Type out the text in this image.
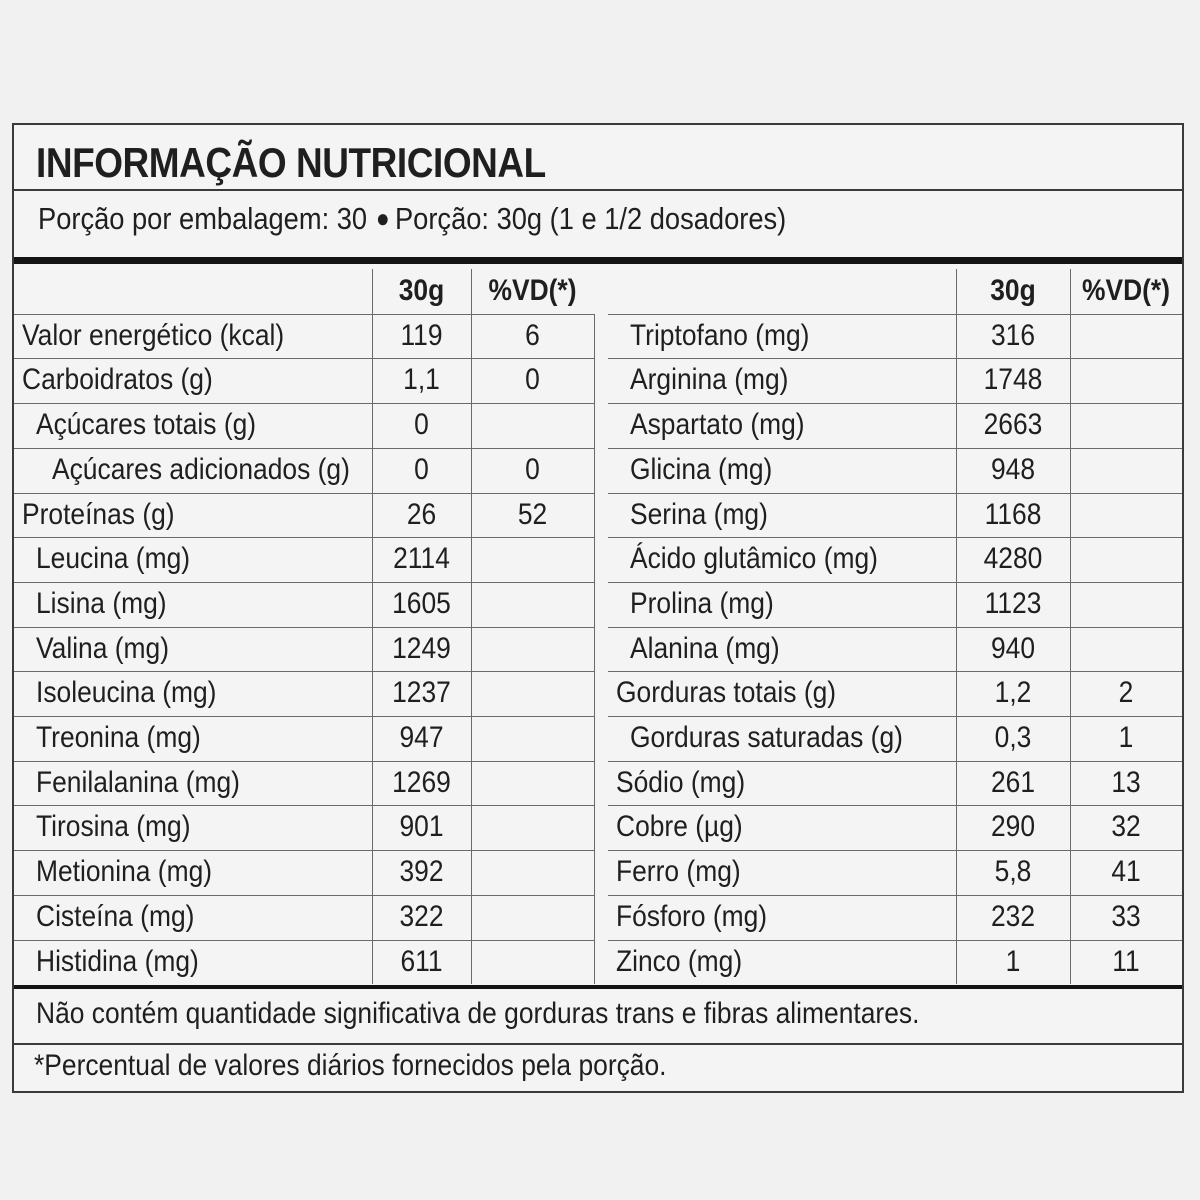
INFORMAÇÃO NUTRICIONAL
Porção por embalagem: 30 ● Porção: 30g (1 e 1/2 dosadores)
30g	%VD(*)	30g	%VD(*)
Valor energético (kcal)	119	6
Carboidratos (g)	1,1	0
Açúcares totais (g)	0
Açúcares adicionados (g)	0	0
Proteínas (g)	26	52
Leucina (mg)	2114
Lisina (mg)	1605
Valina (mg)	1249
Isoleucina (mg)	1237
Treonina (mg)	947
Fenilalanina (mg)	1269
Tirosina (mg)	901
Metionina (mg)	392
Cisteína (mg)	322
Histidina (mg)	611
Triptofano (mg)	316
Arginina (mg)	1748
Aspartato (mg)	2663
Glicina (mg)	948
Serina (mg)	1168
Ácido glutâmico (mg)	4280
Prolina (mg)	1123
Alanina (mg)	940
Gorduras totais (g)	1,2	2
Gorduras saturadas (g)	0,3	1
Sódio (mg)	261	13
Cobre (µg)	290	32
Ferro (mg)	5,8	41
Fósforo (mg)	232	33
Zinco (mg)	1	11
Não contém quantidade significativa de gorduras trans e fibras alimentares.
*Percentual de valores diários fornecidos pela porção.
